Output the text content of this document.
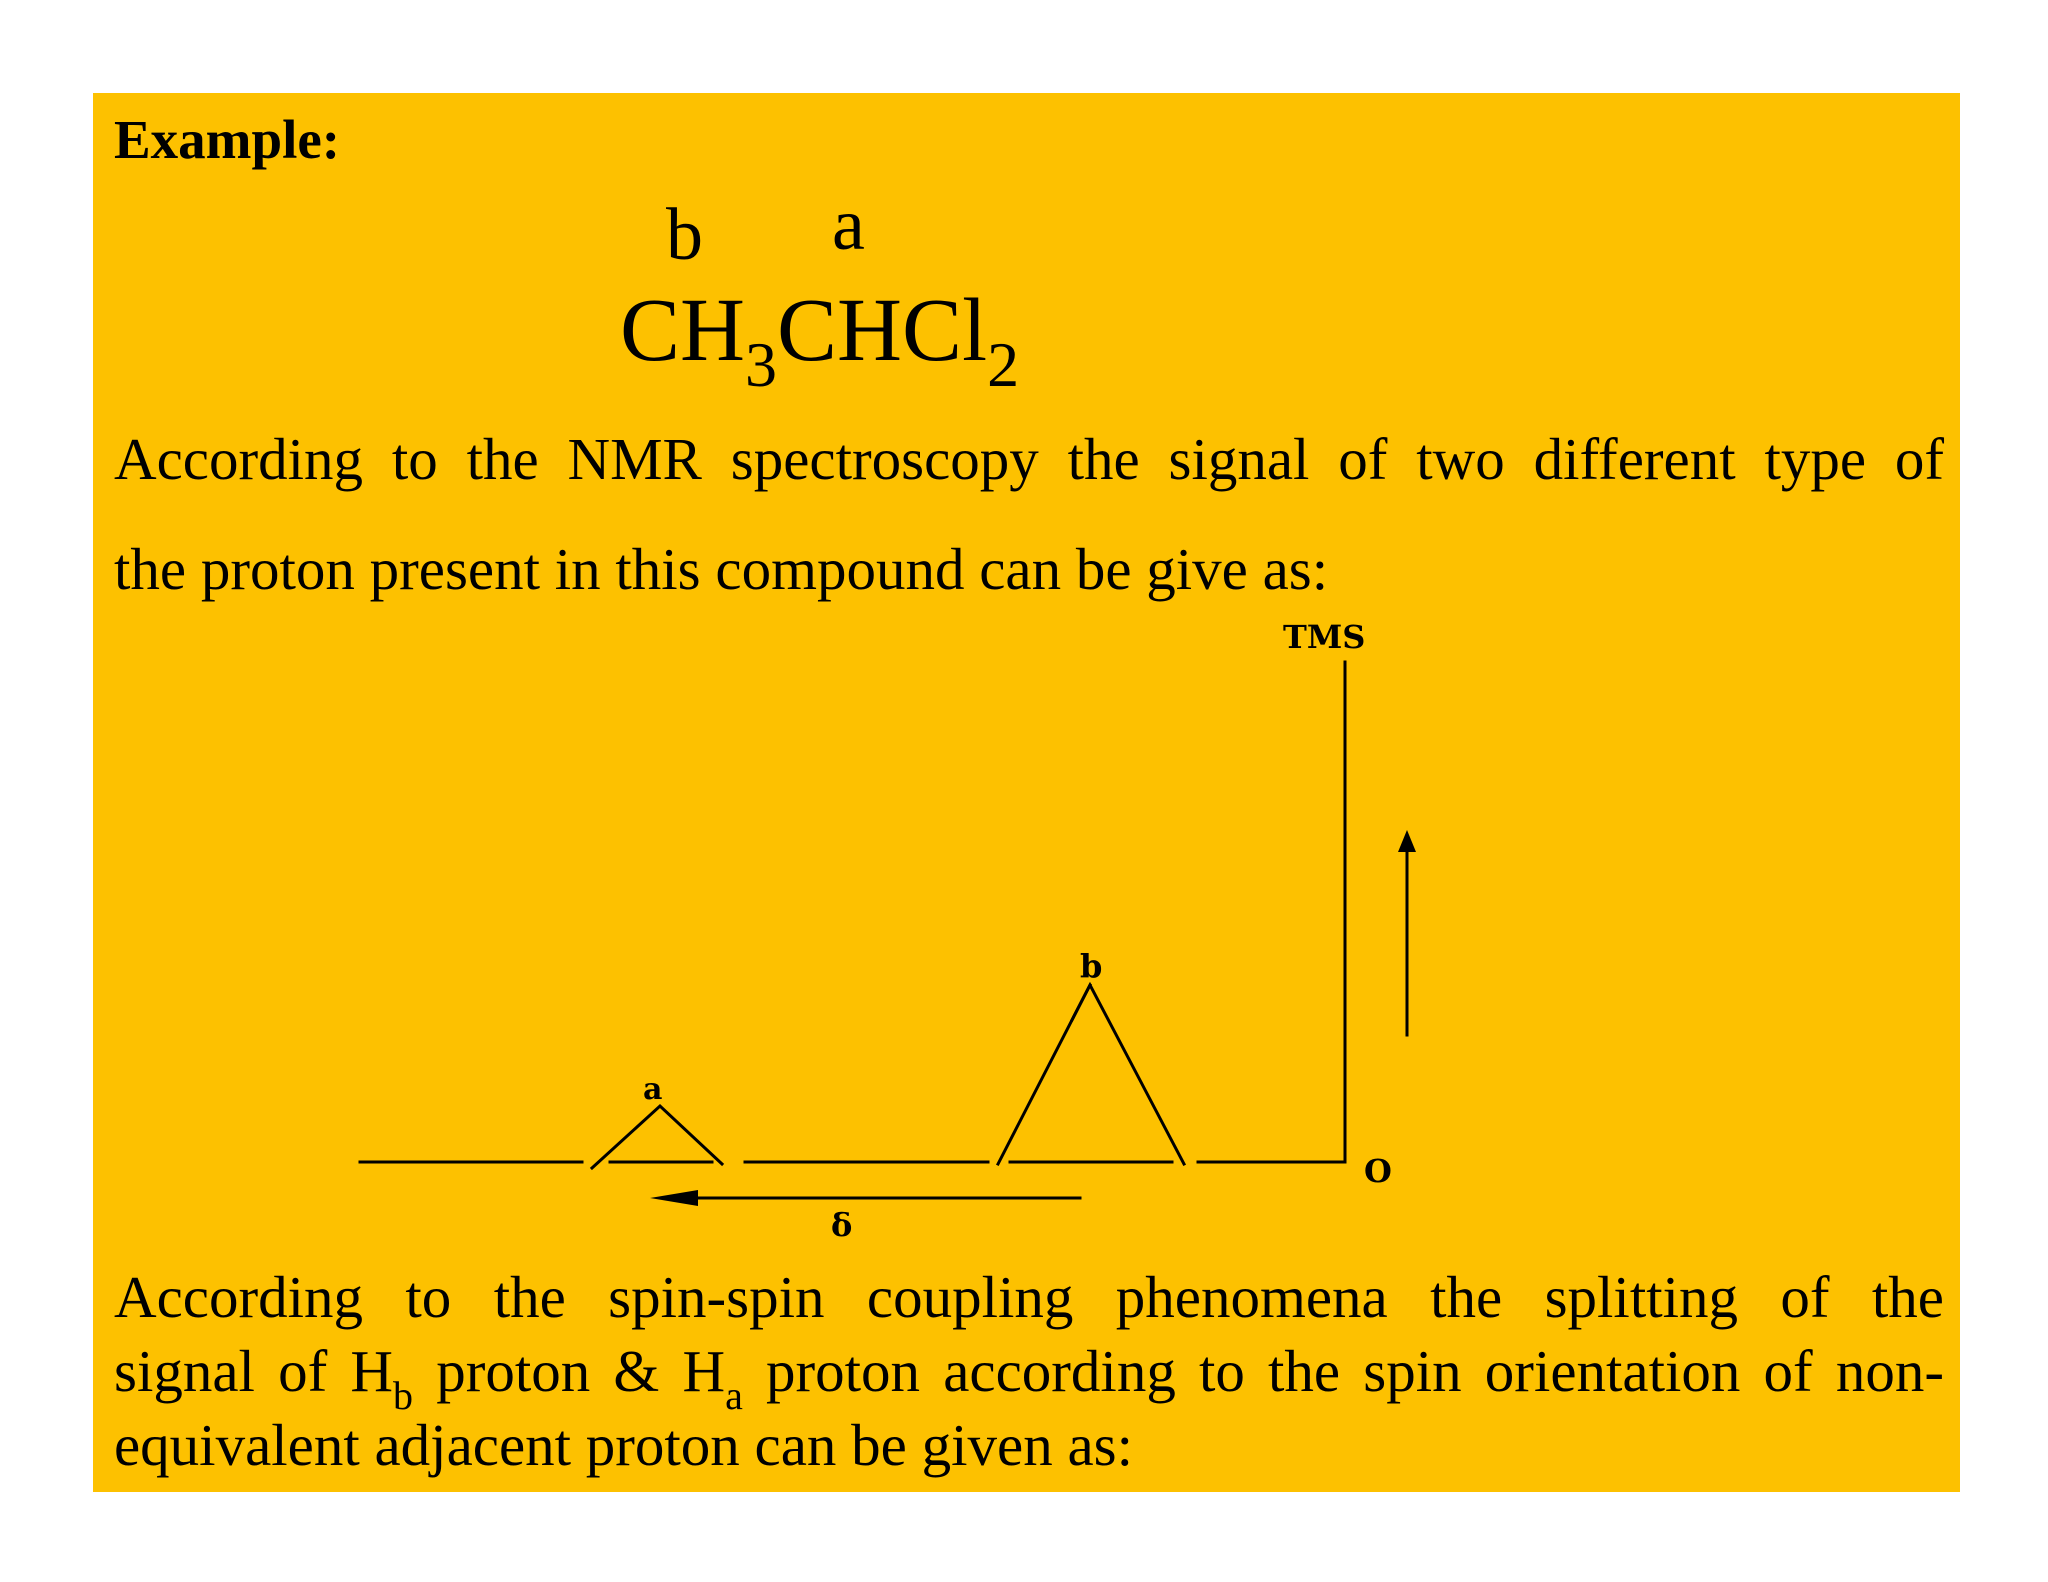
Example:
b a
$CH_3CHCl_2$
According to the NMR spectroscopy the signal of two different type of
the proton present in this compound can be give as:
TMS
b
a
O
δ
According to the spin-spin coupling phenomena the splitting of the
signal of $H_b$ proton & $H_a$ proton according to the spin orientation of non-
equivalent adjacent proton can be given as:
